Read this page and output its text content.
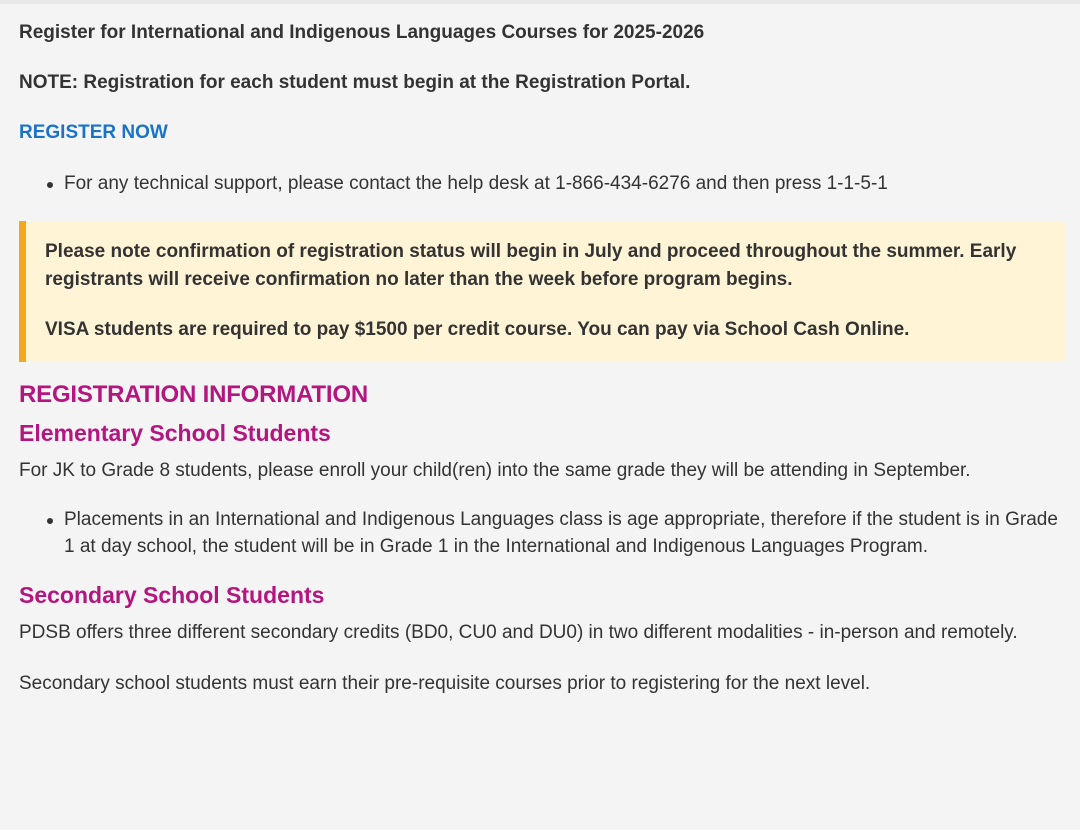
Register for International and Indigenous Languages Courses for 2025-2026

NOTE: Registration for each student must begin at the Registration Portal.

REGISTER NOW
For any technical support, please contact the help desk at 1-866-434-6276 and then press 1-1-5-1

Please note confirmation of registration status will begin in July and proceed throughout the summer. Early registrants will receive confirmation no later than the week before program begins.

VISA students are required to pay $1500 per credit course. You can pay via School Cash Online.

REGISTRATION INFORMATION
Elementary School Students

For JK to Grade 8 students, please enroll your child(ren) into the same grade they will be attending in September.

Placements in an International and Indigenous Languages class is age appropriate, therefore if the student is in Grade 1 at day school, the student will be in Grade 1 in the International and Indigenous Languages Program.
Secondary School Students

PDSB offers three different secondary credits (BD0, CU0 and DU0) in two different modalities - in-person and remotely.

Secondary school students must earn their pre-requisite courses prior to registering for the next level.
